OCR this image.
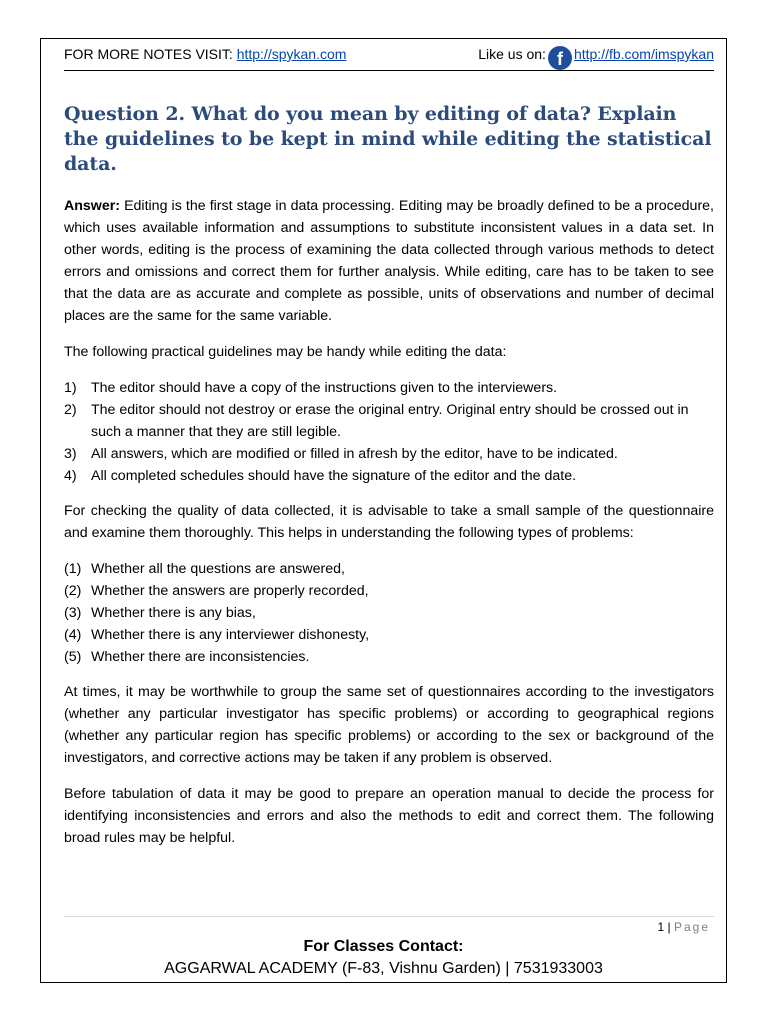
FOR MORE NOTES VISIT: http://spykan.com	Like us on: f http://fb.com/imspykan
Question 2. What do you mean by editing of data? Explain the guidelines to be kept in mind while editing the statistical data.

Answer: Editing is the first stage in data processing. Editing may be broadly defined to be a procedure, which uses available information and assumptions to substitute inconsistent values in a data set. In other words, editing is the process of examining the data collected through various methods to detect errors and omissions and correct them for further analysis. While editing, care has to be taken to see that the data are as accurate and complete as possible, units of observations and number of decimal places are the same for the same variable.

The following practical guidelines may be handy while editing the data:

1) The editor should have a copy of the instructions given to the interviewers.
2) The editor should not destroy or erase the original entry. Original entry should be crossed out in such a manner that they are still legible.
3) All answers, which are modified or filled in afresh by the editor, have to be indicated.
4) All completed schedules should have the signature of the editor and the date.

For checking the quality of data collected, it is advisable to take a small sample of the questionnaire and examine them thoroughly. This helps in understanding the following types of problems:

(1) Whether all the questions are answered,
(2) Whether the answers are properly recorded,
(3) Whether there is any bias,
(4) Whether there is any interviewer dishonesty,
(5) Whether there are inconsistencies.

At times, it may be worthwhile to group the same set of questionnaires according to the investigators (whether any particular investigator has specific problems) or according to geographical regions (whether any particular region has specific problems) or according to the sex or background of the investigators, and corrective actions may be taken if any problem is observed.

Before tabulation of data it may be good to prepare an operation manual to decide the process for identifying inconsistencies and errors and also the methods to edit and correct them. The following broad rules may be helpful.

1 | Page
For Classes Contact:
AGGARWAL ACADEMY (F-83, Vishnu Garden) | 7531933003
